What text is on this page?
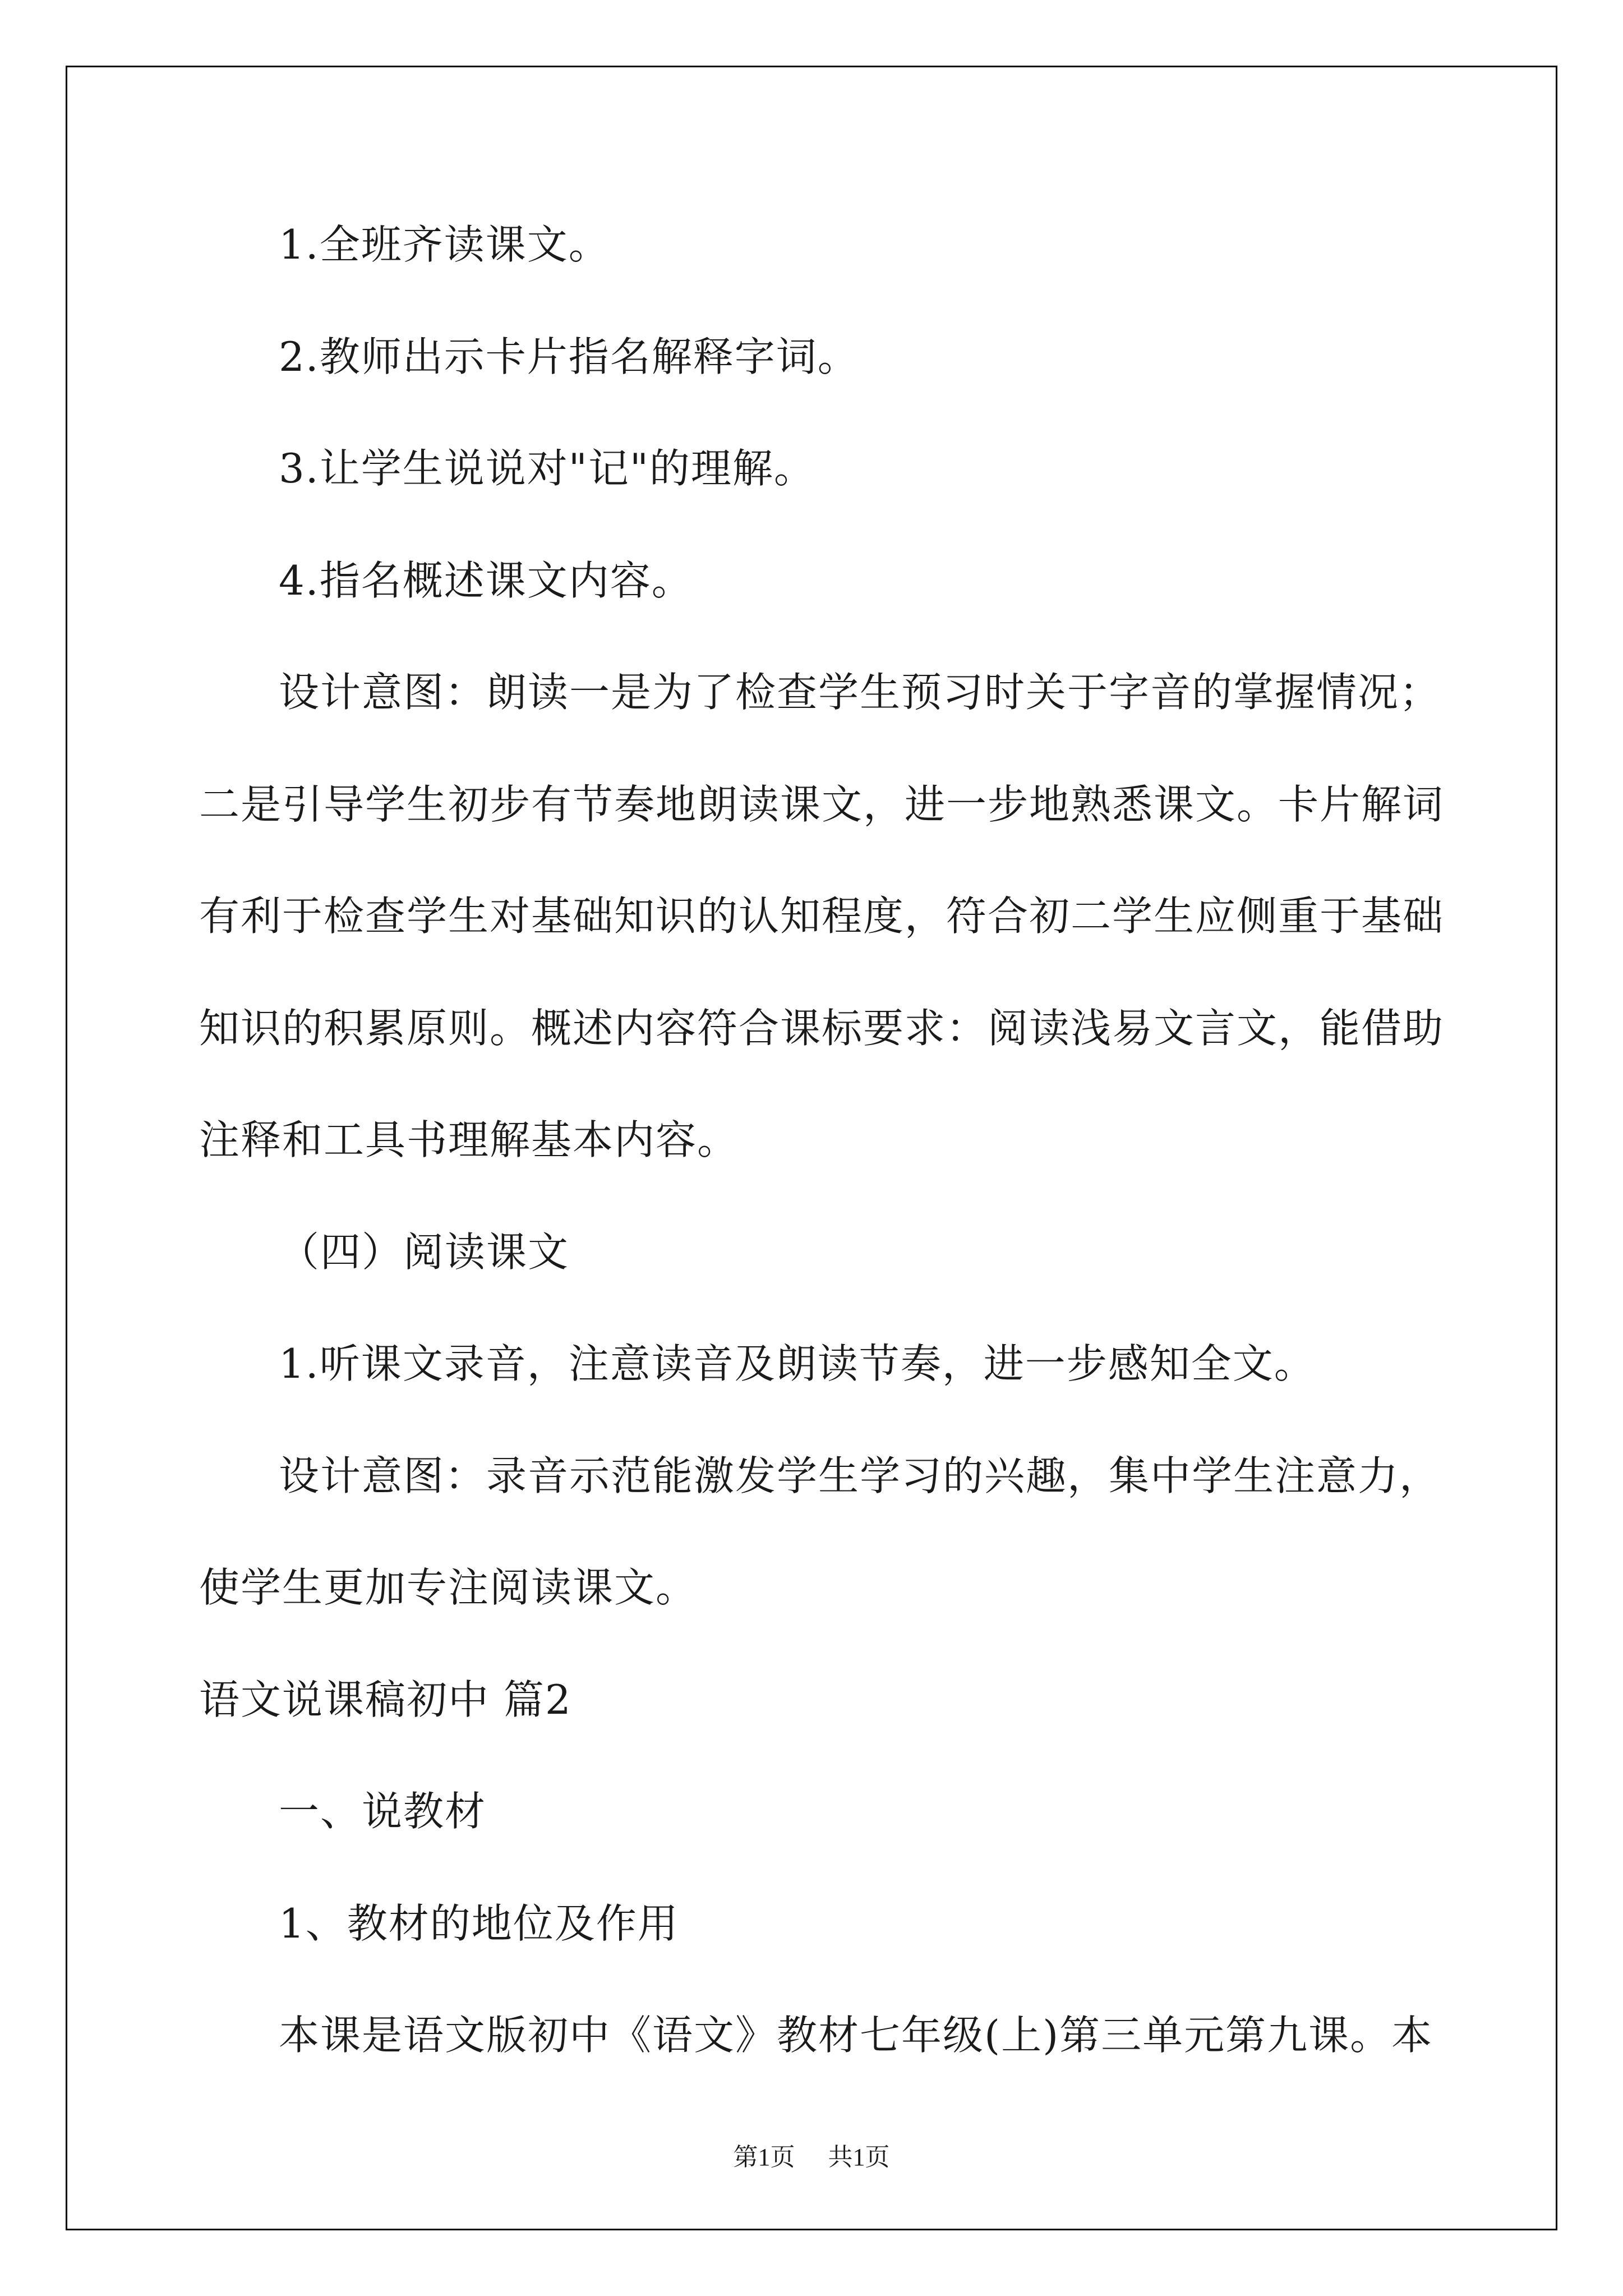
1.全班齐读课文。

2.教师出示卡片指名解释字词。

3.让学生说说对"记"的理解。

4.指名概述课文内容。

设计意图：朗读一是为了检查学生预习时关于字音的掌握情况；

二是引导学生初步有节奏地朗读课文，进一步地熟悉课文。卡片解词

有利于检查学生对基础知识的认知程度，符合初二学生应侧重于基础

知识的积累原则。概述内容符合课标要求：阅读浅易文言文，能借助

注释和工具书理解基本内容。

（四）阅读课文

1.听课文录音，注意读音及朗读节奏，进一步感知全文。

设计意图：录音示范能激发学生学习的兴趣，集中学生注意力，

使学生更加专注阅读课文。

语文说课稿初中 篇2

一、说教材

1、教材的地位及作用

本课是语文版初中《语文》教材七年级(上)第三单元第九课。本

第1页 共1页
